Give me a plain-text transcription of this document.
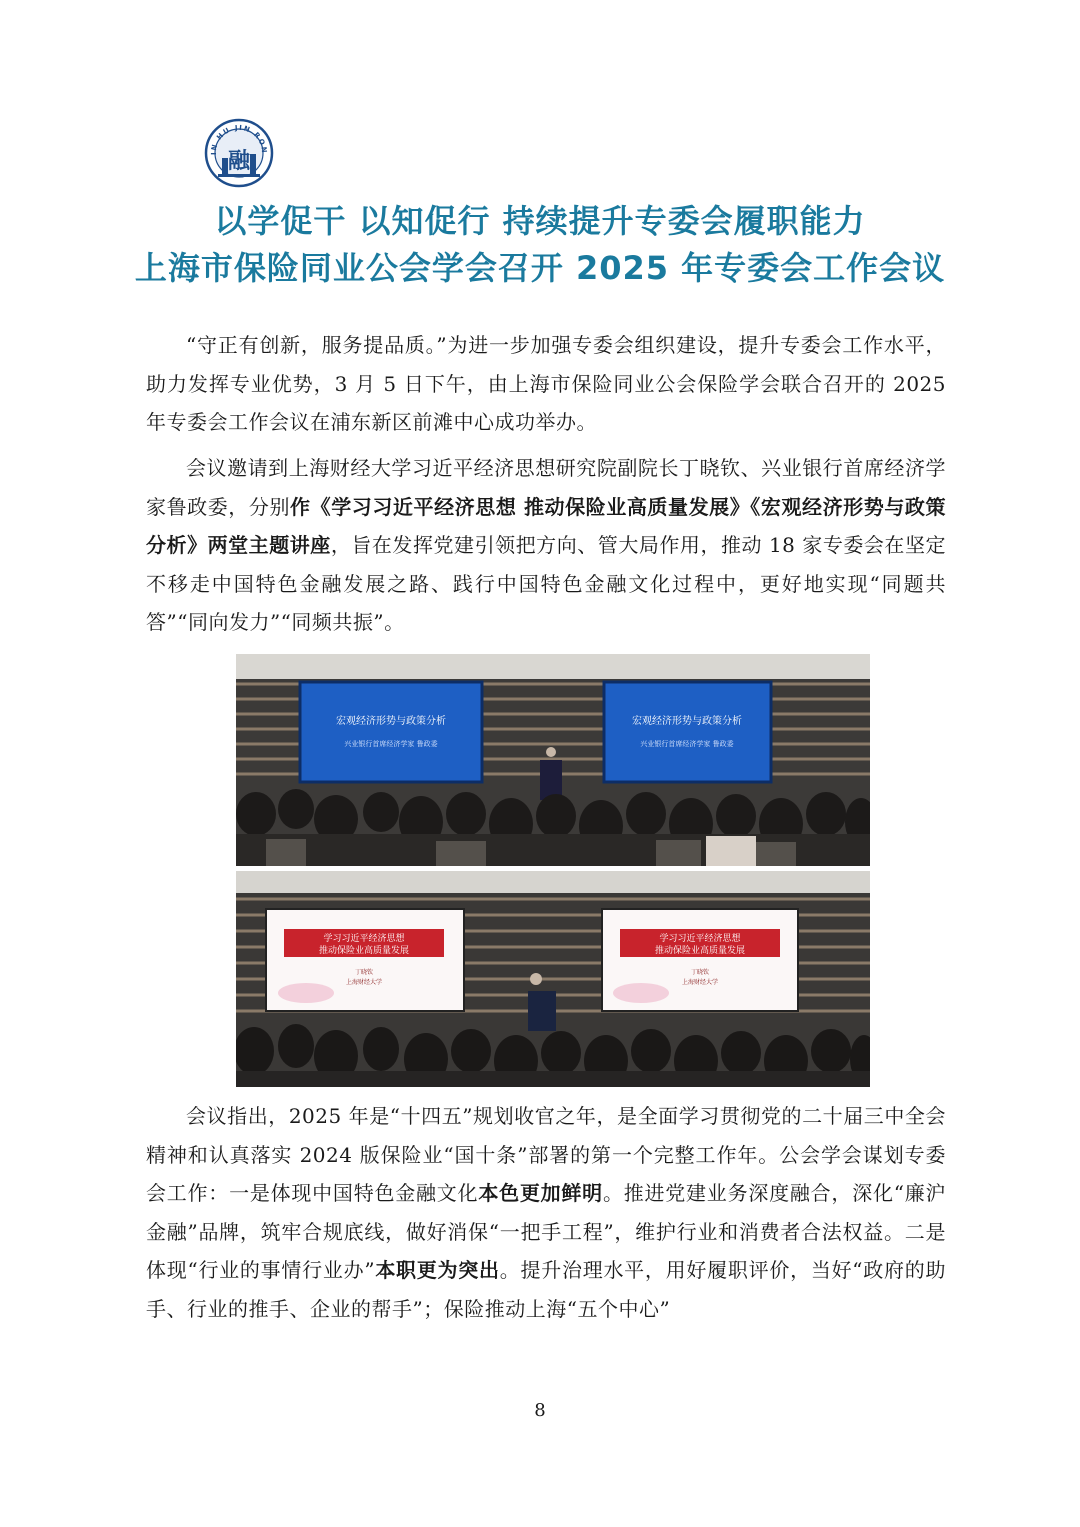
IN HU JIN RON
融
以学促干 以知促行 持续提升专委会履职能力
上海市保险同业公会学会召开 2025 年专委会工作会议

“守正有创新，服务提品质。”为进一步加强专委会组织建设，提升专委会工作水平，助力发挥专业优势，3 月 5 日下午，由上海市保险同业公会保险学会联合召开的 2025 年专委会工作会议在浦东新区前滩中心成功举办。

会议邀请到上海财经大学习近平经济思想研究院副院长丁晓钦、兴业银行首席经济学家鲁政委，分别作《学习习近平经济思想 推动保险业高质量发展》《宏观经济形势与政策分析》两堂主题讲座，旨在发挥党建引领把方向、管大局作用，推动 18 家专委会在坚定不移走中国特色金融发展之路、践行中国特色金融文化过程中，更好地实现“同题共答”“同向发力”“同频共振”。

宏观经济形势与政策分析
兴业银行首席经济学家 鲁政委
宏观经济形势与政策分析
兴业银行首席经济学家 鲁政委
学习习近平经济思想
推动保险业高质量发展
学习习近平经济思想
推动保险业高质量发展
丁晓钦
上海财经大学
丁晓钦
上海财经大学

会议指出，2025 年是“十四五”规划收官之年，是全面学习贯彻党的二十届三中全会精神和认真落实 2024 版保险业“国十条”部署的第一个完整工作年。公会学会谋划专委会工作：一是体现中国特色金融文化本色更加鲜明。推进党建业务深度融合，深化“廉沪金融”品牌，筑牢合规底线，做好消保“一把手工程”，维护行业和消费者合法权益。二是体现“行业的事情行业办”本职更为突出。提升治理水平，用好履职评价，当好“政府的助手、行业的推手、企业的帮手”；保险推动上海“五个中心”

8
